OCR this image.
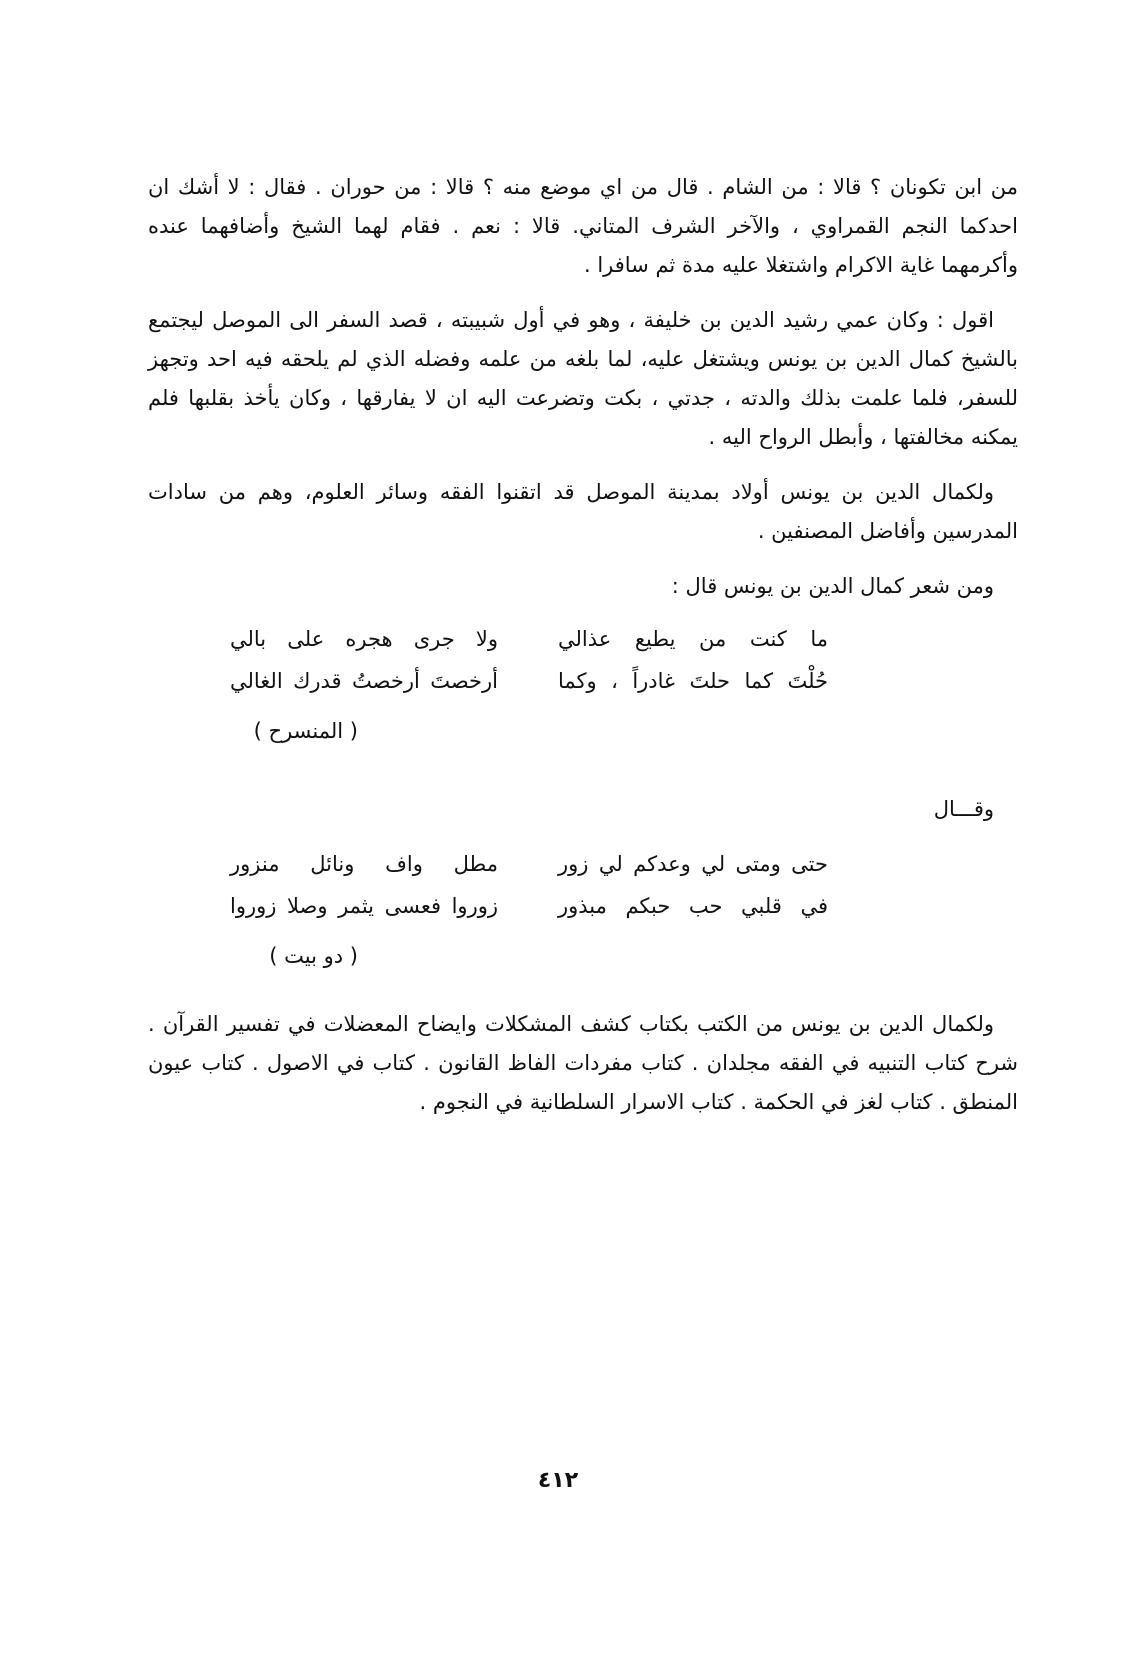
من ابن تكونان ؟ قالا : من الشام . قال من اي موضع منه ؟ قالا : من حوران . فقال : لا أشك ان احدكما النجم القمراوي ، والآخر الشرف المتاني. قالا : نعم . فقام لهما الشيخ وأضافهما عنده وأكرمهما غاية الاكرام واشتغلا عليه مدة ثم سافرا .

اقول : وكان عمي رشيد الدين بن خليفة ، وهو في أول شبيبته ، قصد السفر الى الموصل ليجتمع بالشيخ كمال الدين بن يونس ويشتغل عليه، لما بلغه من علمه وفضله الذي لم يلحقه فيه احد وتجهز للسفر، فلما علمت بذلك والدته ، جدتي ، بكت وتضرعت اليه ان لا يفارقها ، وكان يأخذ بقلبها فلم يمكنه مخالفتها ، وأبطل الرواح اليه .

ولكمال الدين بن يونس أولاد بمدينة الموصل قد اتقنوا الفقه وسائر العلوم، وهم من سادات المدرسين وأفاضل المصنفين .

ومن شعر كمال الدين بن يونس قال :
ما كنت من يطيع عذالي
ولا جرى هجره على بالي
حُلْتَ كما حلتَ غادراً ، وكما
أرخصتَ أرخصتُ قدرك الغالي
( المنسرح )
وقـــال
حتى ومتى لي وعدكم لي زور
مطل واف ونائل منزور
في قلبي حب حبكم مبذور
زوروا فعسى يثمر وصلا زوروا
( دو بيت )

ولكمال الدين بن يونس من الكتب بكتاب كشف المشكلات وايضاح المعضلات في تفسير القرآن . شرح كتاب التنبيه في الفقه مجلدان . كتاب مفردات الفاظ القانون . كتاب في الاصول . كتاب عيون المنطق . كتاب لغز في الحكمة . كتاب الاسرار السلطانية في النجوم .

٤١٢
